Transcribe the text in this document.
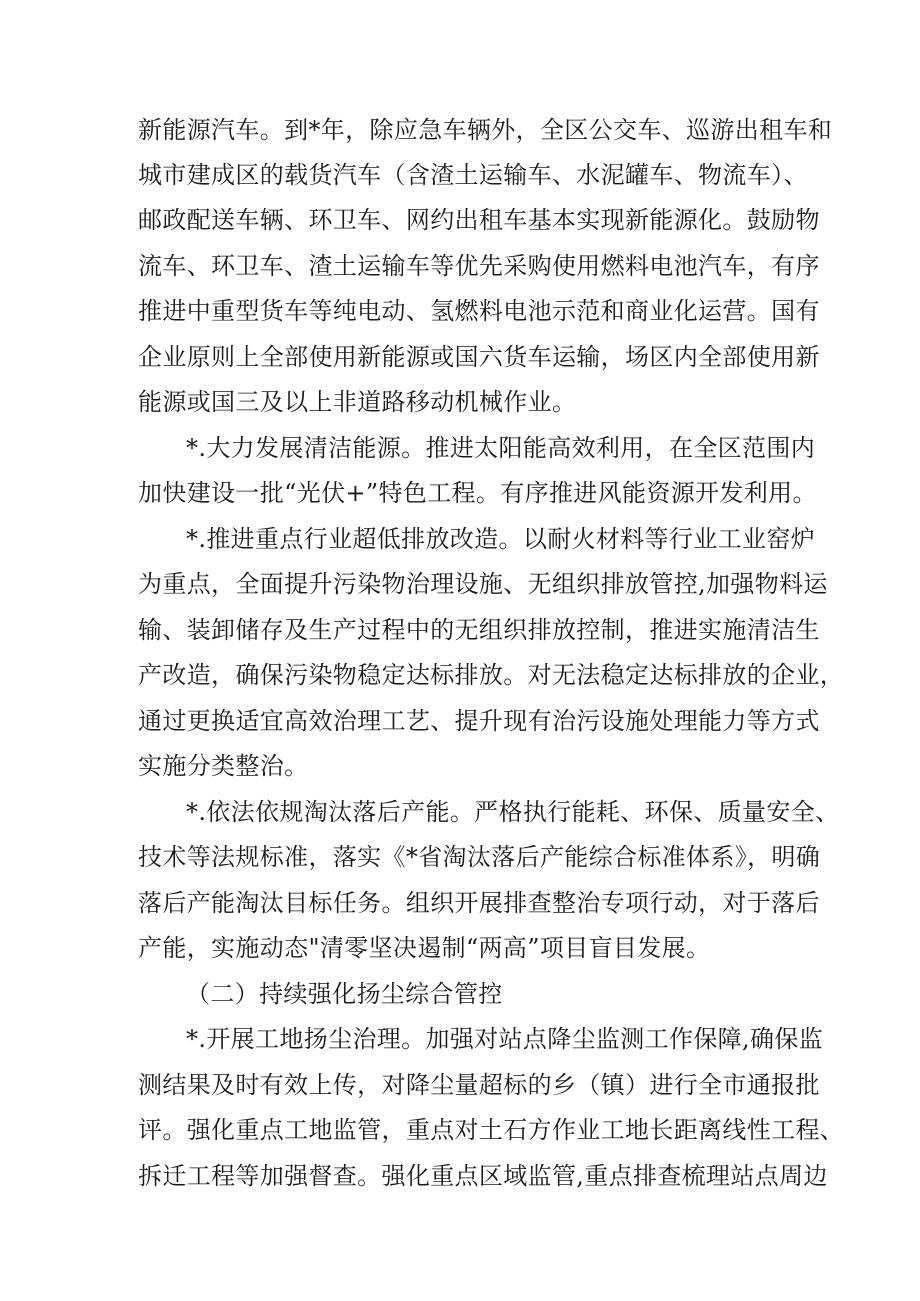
新能源汽车。到*年，除应急车辆外，全区公交车、巡游出租车和
城市建成区的载货汽车（含渣土运输车、水泥罐车、物流车）、
邮政配送车辆、环卫车、网约出租车基本实现新能源化。鼓励物
流车、环卫车、渣土运输车等优先采购使用燃料电池汽车，有序
推进中重型货车等纯电动、氢燃料电池示范和商业化运营。国有
企业原则上全部使用新能源或国六货车运输，场区内全部使用新
能源或国三及以上非道路移动机械作业。
*.大力发展清洁能源。推进太阳能高效利用，在全区范围内
加快建设一批“光伏+”特色工程。有序推进风能资源开发利用。
*.推进重点行业超低排放改造。以耐火材料等行业工业窑炉
为重点，全面提升污染物治理设施、无组织排放管控,加强物料运
输、装卸储存及生产过程中的无组织排放控制，推进实施清洁生
产改造，确保污染物稳定达标排放。对无法稳定达标排放的企业，
通过更换适宜高效治理工艺、提升现有治污设施处理能力等方式
实施分类整治。
*.依法依规淘汰落后产能。严格执行能耗、环保、质量安全、
技术等法规标准，落实《*省淘汰落后产能综合标准体系》，明确
落后产能淘汰目标任务。组织开展排查整治专项行动，对于落后
产能，实施动态"清零坚决遏制“两高”项目盲目发展。
（二）持续强化扬尘综合管控
*.开展工地扬尘治理。加强对站点降尘监测工作保障,确保监
测结果及时有效上传，对降尘量超标的乡（镇）进行全市通报批
评。强化重点工地监管，重点对土石方作业工地长距离线性工程、
拆迁工程等加强督查。强化重点区域监管,重点排查梳理站点周边
